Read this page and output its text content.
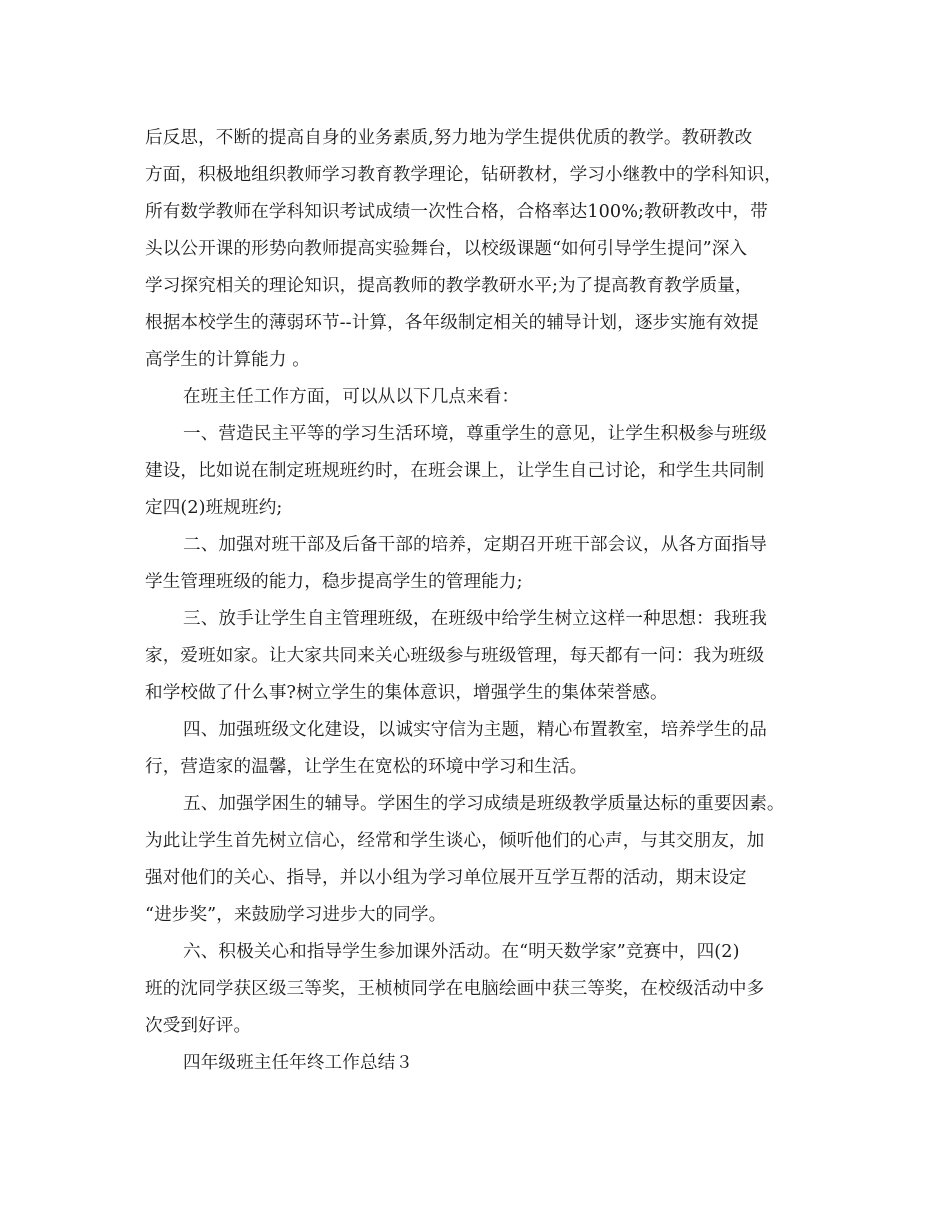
后反思，不断的提高自身的业务素质,努力地为学生提供优质的教学。教研教改
方面，积极地组织教师学习教育教学理论，钻研教材，学习小继教中的学科知识，
所有数学教师在学科知识考试成绩一次性合格，合格率达100%;教研教改中，带
头以公开课的形势向教师提高实验舞台，以校级课题“如何引导学生提问”深入
学习探究相关的理论知识，提高教师的教学教研水平;为了提高教育教学质量，
根据本校学生的薄弱环节--计算，各年级制定相关的辅导计划，逐步实施有效提
高学生的计算能力 。
在班主任工作方面，可以从以下几点来看：
一、营造民主平等的学习生活环境，尊重学生的意见，让学生积极参与班级
建设，比如说在制定班规班约时，在班会课上，让学生自己讨论，和学生共同制
定四(2)班规班约;
二、加强对班干部及后备干部的培养，定期召开班干部会议，从各方面指导
学生管理班级的能力，稳步提高学生的管理能力;
三、放手让学生自主管理班级，在班级中给学生树立这样一种思想：我班我
家，爱班如家。让大家共同来关心班级参与班级管理，每天都有一问：我为班级
和学校做了什么事?树立学生的集体意识，增强学生的集体荣誉感。
四、加强班级文化建设，以诚实守信为主题，精心布置教室，培养学生的品
行，营造家的温馨，让学生在宽松的环境中学习和生活。
五、加强学困生的辅导。学困生的学习成绩是班级教学质量达标的重要因素。
为此让学生首先树立信心，经常和学生谈心，倾听他们的心声，与其交朋友，加
强对他们的关心、指导，并以小组为学习单位展开互学互帮的活动，期末设定
“进步奖”，来鼓励学习进步大的同学。
六、积极关心和指导学生参加课外活动。在“明天数学家”竞赛中，四(2)
班的沈同学获区级三等奖，王桢桢同学在电脑绘画中获三等奖，在校级活动中多
次受到好评。
四年级班主任年终工作总结３
